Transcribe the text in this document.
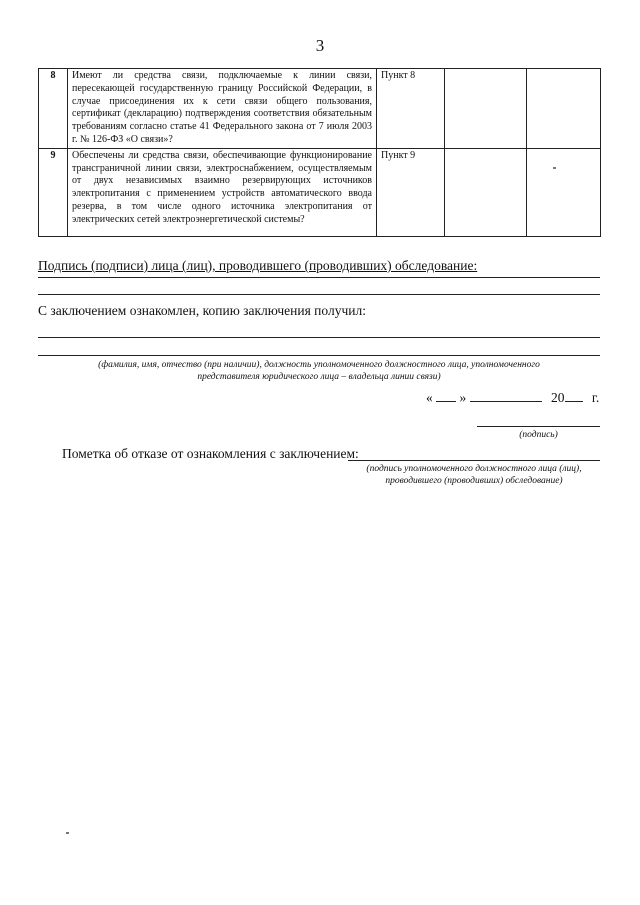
3
8	Имеют ли средства связи, подключаемые к линии связи, пересекающей государственную границу Российской Федерации, в случае присоединения их к сети связи общего пользования, сертификат (декларацию) подтверждения соответствия обязательным требованиям согласно статье 41 Федерального закона от 7 июля 2003 г. № 126-ФЗ «О связи»?	Пункт 8		
9	Обеспечены ли средства связи, обеспечивающие функционирование трансграничной линии связи, электроснабжением, осуществляемым от двух независимых взаимно резервирующих источников электропитания с применением устройств автоматического ввода резерва, в том числе одного источника электропитания от электрических сетей электроэнергетической системы?	Пункт 9		
Подпись (подписи) лица (лиц), проводившего (проводивших) обследование:
С заключением ознакомлен, копию заключения получил:
(фамилия, имя, отчество (при наличии), должность уполномоченного должностного лица, уполномоченного
представителя юридического лица – владельца линии связи)
« »	20 г.
(подпись)
Пометка об отказе от ознакомления с заключением:
(подпись уполномоченного должностного лица (лиц),
проводившего (проводивших) обследование)
